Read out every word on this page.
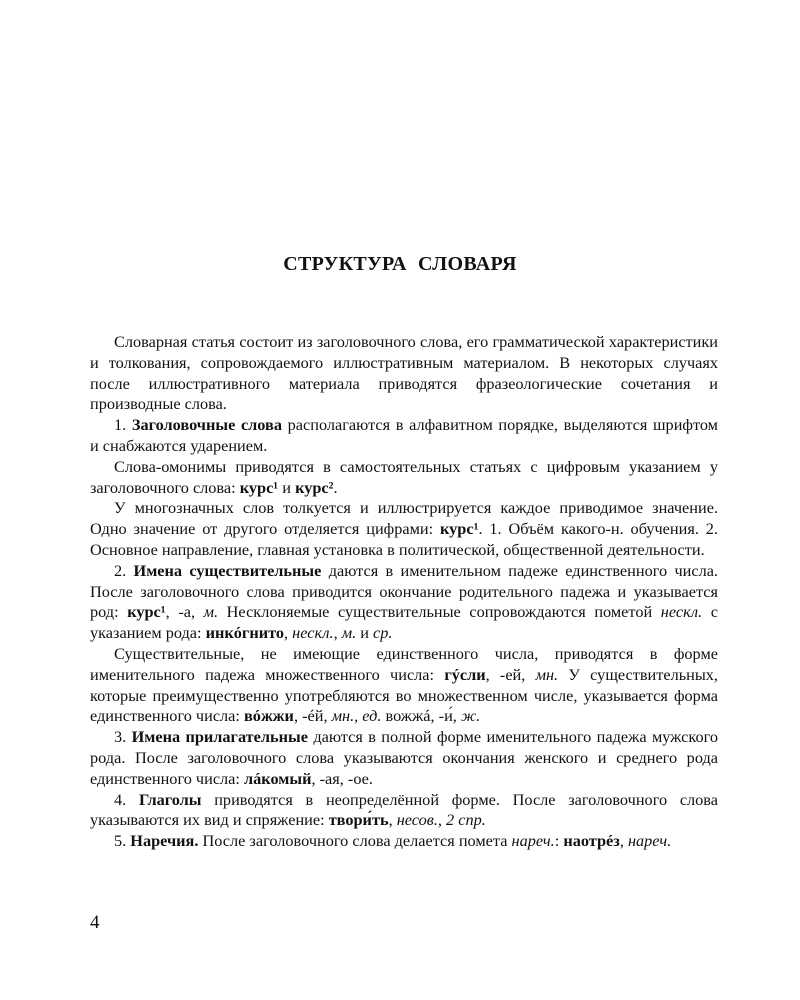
СТРУКТУРА СЛОВАРЯ

Словарная статья состоит из заголовочного слова, его грамматической характеристики и толкования, сопровождаемого иллюстративным материалом. В некоторых случаях после иллюстративного материала приводятся фразеологические сочетания и производные слова.

1. Заголовочные слова располагаются в алфавитном порядке, выделяются шрифтом и снабжаются ударением.

Слова-омонимы приводятся в самостоятельных статьях с цифровым указанием у заголовочного слова: курс¹ и курс².

У многозначных слов толкуется и иллюстрируется каждое приводимое значение. Одно значение от другого отделяется цифрами: курс¹. 1. Объём какого-н. обучения. 2. Основное направление, главная установка в политической, общественной деятельности.

2. Имена существительные даются в именительном падеже единственного числа. После заголовочного слова приводится окончание родительного падежа и указывается род: курс¹, -а, м. Несклоняемые существительные сопровождаются пометой нескл. с указанием рода: инкóгнито, нескл., м. и ср.

Существительные, не имеющие единственного числа, приводятся в форме именительного падежа множественного числа: гýсли, -ей, мн. У существительных, которые преимущественно употребляются во множественном числе, указывается форма единственного числа: вóжжи, -éй, мн., ед. вожжá, -и́, ж.

3. Имена прилагательные даются в полной форме именительного падежа мужского рода. После заголовочного слова указываются окончания женского и среднего рода единственного числа: лáкомый, -ая, -ое.

4. Глаголы приводятся в неопределённой форме. После заголовочного слова указываются их вид и спряжение: твори́ть, несов., 2 спр.

5. Наречия. После заголовочного слова делается помета нареч.: наотрéз, нареч.

4
